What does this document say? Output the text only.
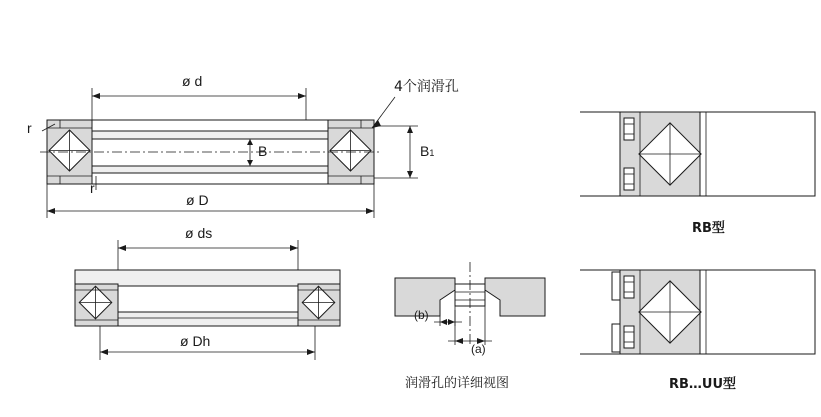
ø d
ø D
B	B1
r
r
4个润滑孔
ø ds
ø Dh
(b)
(a)
润滑孔的详细视图
RB型
RB…UU型
